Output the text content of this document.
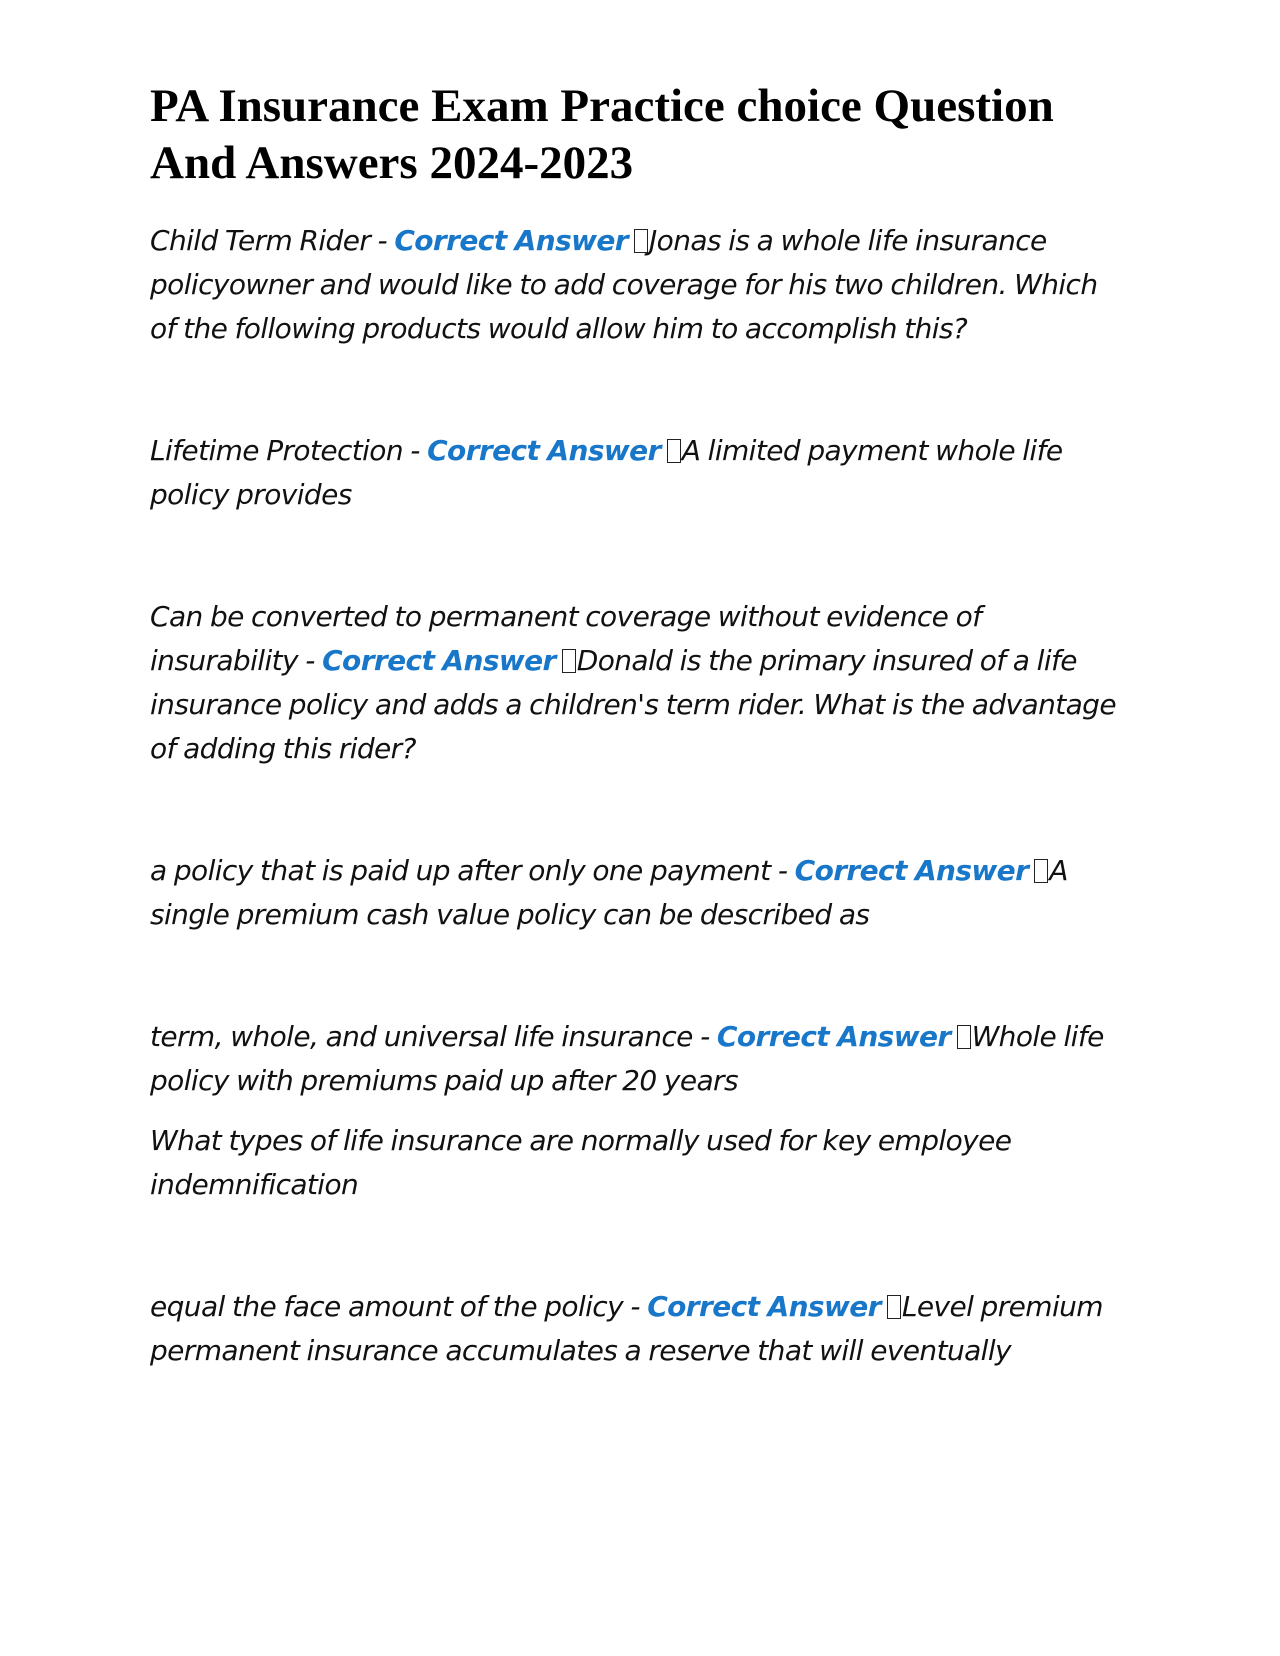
PA Insurance Exam Practice choice Question And Answers 2024-2023

Child Term Rider - Correct Answer Jonas is a whole life insurance policyowner and would like to add coverage for his two children. Which of the following products would allow him to accomplish this?

Lifetime Protection - Correct Answer A limited payment whole life policy provides

Can be converted to permanent coverage without evidence of insurability - Correct Answer Donald is the primary insured of a life insurance policy and adds a children's term rider. What is the advantage of adding this rider?

a policy that is paid up after only one payment - Correct Answer A single premium cash value policy can be described as

term, whole, and universal life insurance - Correct Answer Whole life policy with premiums paid up after 20 years

What types of life insurance are normally used for key employee indemnification

equal the face amount of the policy - Correct Answer Level premium permanent insurance accumulates a reserve that will eventually
